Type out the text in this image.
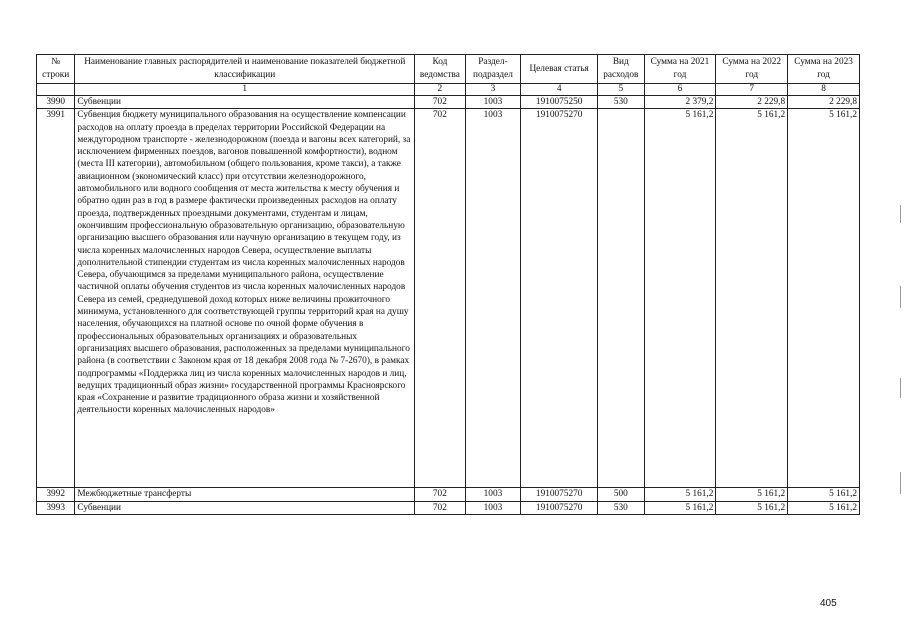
№ строки	Наименование главных распорядителей и наименование показателей бюджетной классификации	Код ведомства	Раздел-подраздел	Целевая статья	Вид расходов	Сумма на 2021 год	Сумма на 2022 год	Сумма на 2023 год
	1	2	3	4	5	6	7	8
3990	Субвенции	702	1003	1910075250	530	2 379,2	2 229,8	2 229,8
3991	Субвенция бюджету муниципального образования на осуществление компенсации расходов на оплату проезда в пределах территории Российской Федерации на междугородном транспорте - железнодорожном (поезда и вагоны всех категорий, за исключением фирменных поездов, вагонов повышенной комфортности), водном (места III категории), автомобильном (общего пользования, кроме такси), а также авиационном (экономический класс) при отсутствии железнодорожного, автомобильного или водного сообщения от места жительства к месту обучения и обратно один раз в год в размере фактически произведенных расходов на оплату проезда, подтвержденных проездными документами, студентам и лицам, окончившим профессиональную образовательную организацию, образовательную организацию высшего образования или научную организацию в текущем году, из числа коренных малочисленных народов Севера, осуществление выплаты дополнительной стипендии студентам из числа коренных малочисленных народов Севера, обучающимся за пределами муниципального района, осуществление частичной оплаты обучения студентов из числа коренных малочисленных народов Севера из семей, среднедушевой доход которых ниже величины прожиточного минимума, установленного для соответствующей группы территорий края на душу населения, обучающихся на платной основе по очной форме обучения в профессиональных образовательных организациях и образовательных организациях высшего образования, расположенных за пределами муниципального района (в соответствии с Законом края от 18 декабря 2008 года № 7-2670), в рамках подпрограммы «Поддержка лиц из числа коренных малочисленных народов и лиц, ведущих традиционный образ жизни» государственной программы Красноярского края «Сохранение и развитие традиционного образа жизни и хозяйственной деятельности коренных малочисленных народов»	702	1003	1910075270		5 161,2	5 161,2	5 161,2
3992	Межбюджетные трансферты	702	1003	1910075270	500	5 161,2	5 161,2	5 161,2
3993	Субвенции	702	1003	1910075270	530	5 161,2	5 161,2	5 161,2
405
